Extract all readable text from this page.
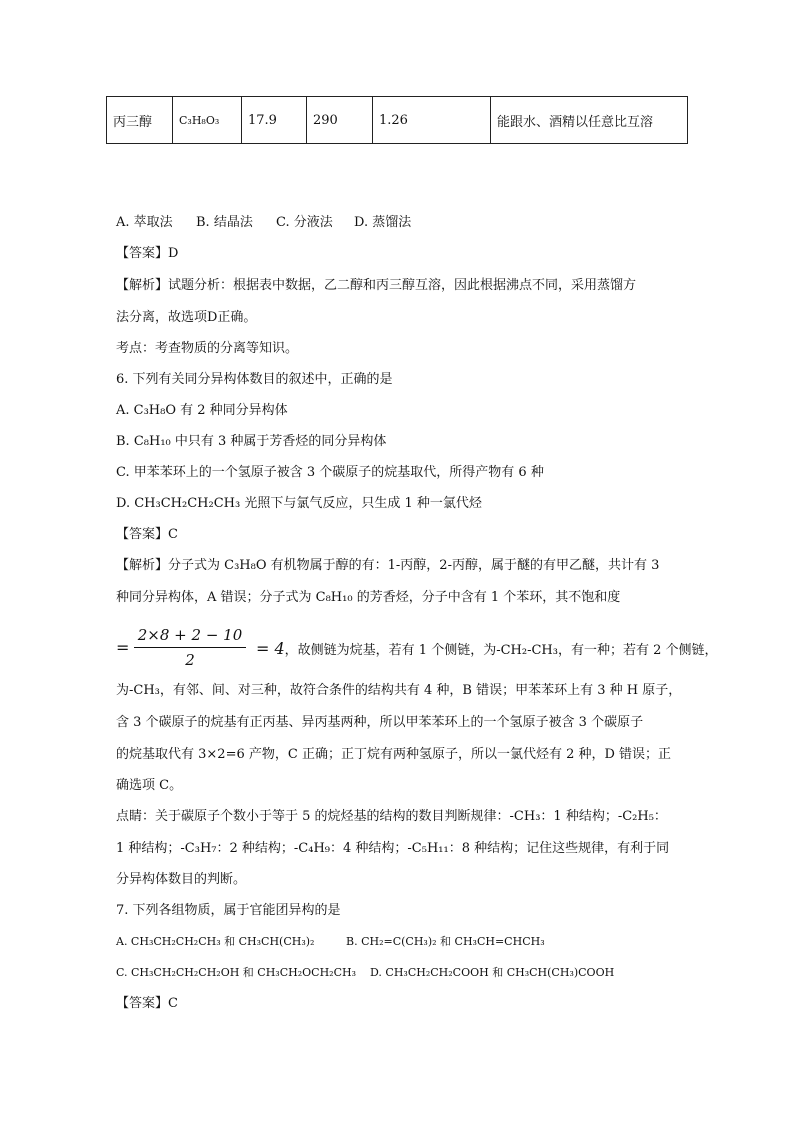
丙三醇	C₃H₈O₃	17.9	290	1.26	能跟水、酒精以任意比互溶
A. 萃取法 B. 结晶法 C. 分液法 D. 蒸馏法
【答案】D
【解析】试题分析：根据表中数据，乙二醇和丙三醇互溶，因此根据沸点不同，采用蒸馏方
法分离，故选项D正确。
考点：考查物质的分离等知识。
6. 下列有关同分异构体数目的叙述中，正确的是
A. C₃H₈O 有 2 种同分异构体
B. C₈H₁₀ 中只有 3 种属于芳香烃的同分异构体
C. 甲苯苯环上的一个氢原子被含 3 个碳原子的烷基取代，所得产物有 6 种
D. CH₃CH₂CH₂CH₃ 光照下与氯气反应，只生成 1 种一氯代烃
【答案】C
【解析】分子式为 C₃H₈O 有机物属于醇的有：1-丙醇，2-丙醇，属于醚的有甲乙醚，共计有 3
种同分异构体，A 错误；分子式为 C₈H₁₀ 的芳香烃，分子中含有 1 个苯环，其不饱和度
= $\frac{2\times 8 + 2 - 10}{2} = 4$，故侧链为烷基，若有 1 个侧链，为-CH₂-CH₃，有一种；若有 2 个侧链，
为-CH₃，有邻、间、对三种，故符合条件的结构共有 4 种，B 错误；甲苯苯环上有 3 种 H 原子，
含 3 个碳原子的烷基有正丙基、异丙基两种，所以甲苯苯环上的一个氢原子被含 3 个碳原子
的烷基取代有 3×2=6 产物，C 正确；正丁烷有两种氢原子，所以一氯代烃有 2 种，D 错误；正
确选项 C。
点睛：关于碳原子个数小于等于 5 的烷烃基的结构的数目判断规律：-CH₃：1 种结构；-C₂H₅：
1 种结构；-C₃H₇：2 种结构；-C₄H₉：4 种结构；-C₅H₁₁：8 种结构；记住这些规律，有利于同
分异构体数目的判断。
7. 下列各组物质，属于官能团异构的是
A. CH₃CH₂CH₂CH₃ 和 CH₃CH(CH₃)₂	B. CH₂=C(CH₃)₂ 和 CH₃CH=CHCH₃
C. CH₃CH₂CH₂CH₂OH 和 CH₃CH₂OCH₂CH₃ D. CH₃CH₂CH₂COOH 和 CH₃CH(CH₃)COOH
【答案】C
